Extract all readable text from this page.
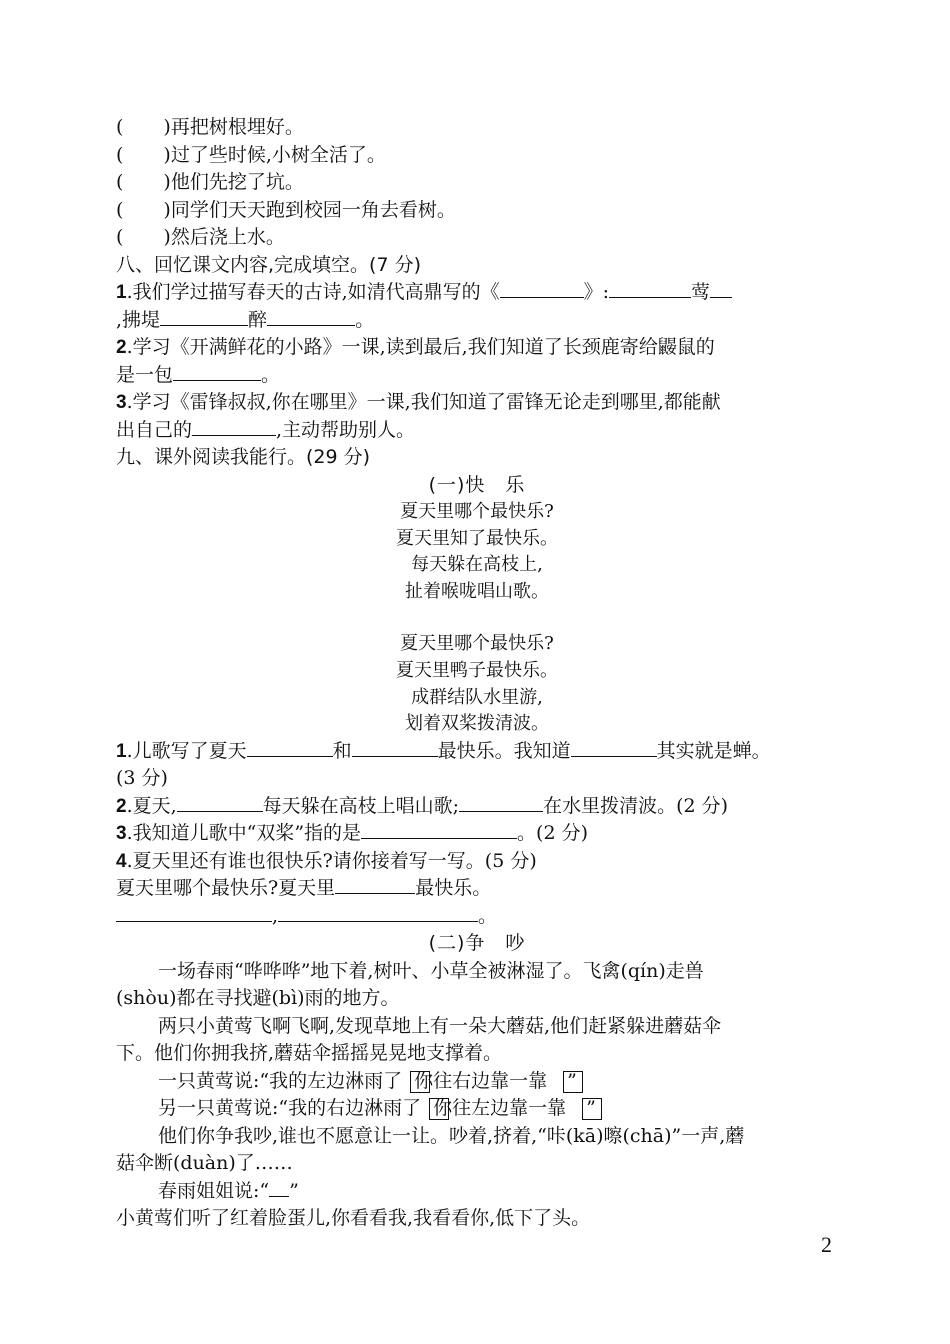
( )再把树根埋好。
( )过了些时候,小树全活了。
( )他们先挖了坑。
( )同学们天天跑到校园一角去看树。
( )然后浇上水。
八、回忆课文内容,完成填空。(7 分)
1.我们学过描写春天的古诗,如清代高鼎写的《	》:	莺
,拂堤	醉	。
2.学习《开满鲜花的小路》一课,读到最后,我们知道了长颈鹿寄给鼹鼠的
是一包	。
3.学习《雷锋叔叔,你在哪里》一课,我们知道了雷锋无论走到哪里,都能献
出自己的	,主动帮助别人。
九、课外阅读我能行。(29 分)
(一)快　乐
夏天里哪个最快乐?
夏天里知了最快乐。
每天躲在高枝上,
扯着喉咙唱山歌。
夏天里哪个最快乐?
夏天里鸭子最快乐。
成群结队水里游,
划着双桨拨清波。
1.儿歌写了夏天	和	最快乐。我知道	其实就是蝉。
(3 分)
2.夏天,	每天躲在高枝上唱山歌;	在水里拨清波。(2 分)
3.我知道儿歌中“双桨”指的是	。(2 分)
4.夏天里还有谁也很快乐?请你接着写一写。(5 分)
夏天里哪个最快乐?夏天里	最快乐。
,	。
(二)争　吵
一场春雨“哗哗哗”地下着,树叶、小草全被淋湿了。飞禽(qín)走兽
(shòu)都在寻找避(bì)雨的地方。
两只小黄莺飞啊飞啊,发现草地上有一朵大蘑菇,他们赶紧躲进蘑菇伞
下。他们你拥我挤,蘑菇伞摇摇晃晃地支撑着。
一只黄莺说:“我的左边淋雨了 你往右边靠一靠 ”
另一只黄莺说:“我的右边淋雨了 你往左边靠一靠 ”
他们你争我吵,谁也不愿意让一让。吵着,挤着,“咔(kā)嚓(chā)”一声,蘑
菇伞断(duàn)了……
春雨姐姐说:“ ”
小黄莺们听了红着脸蛋儿,你看看我,我看看你,低下了头。
2
